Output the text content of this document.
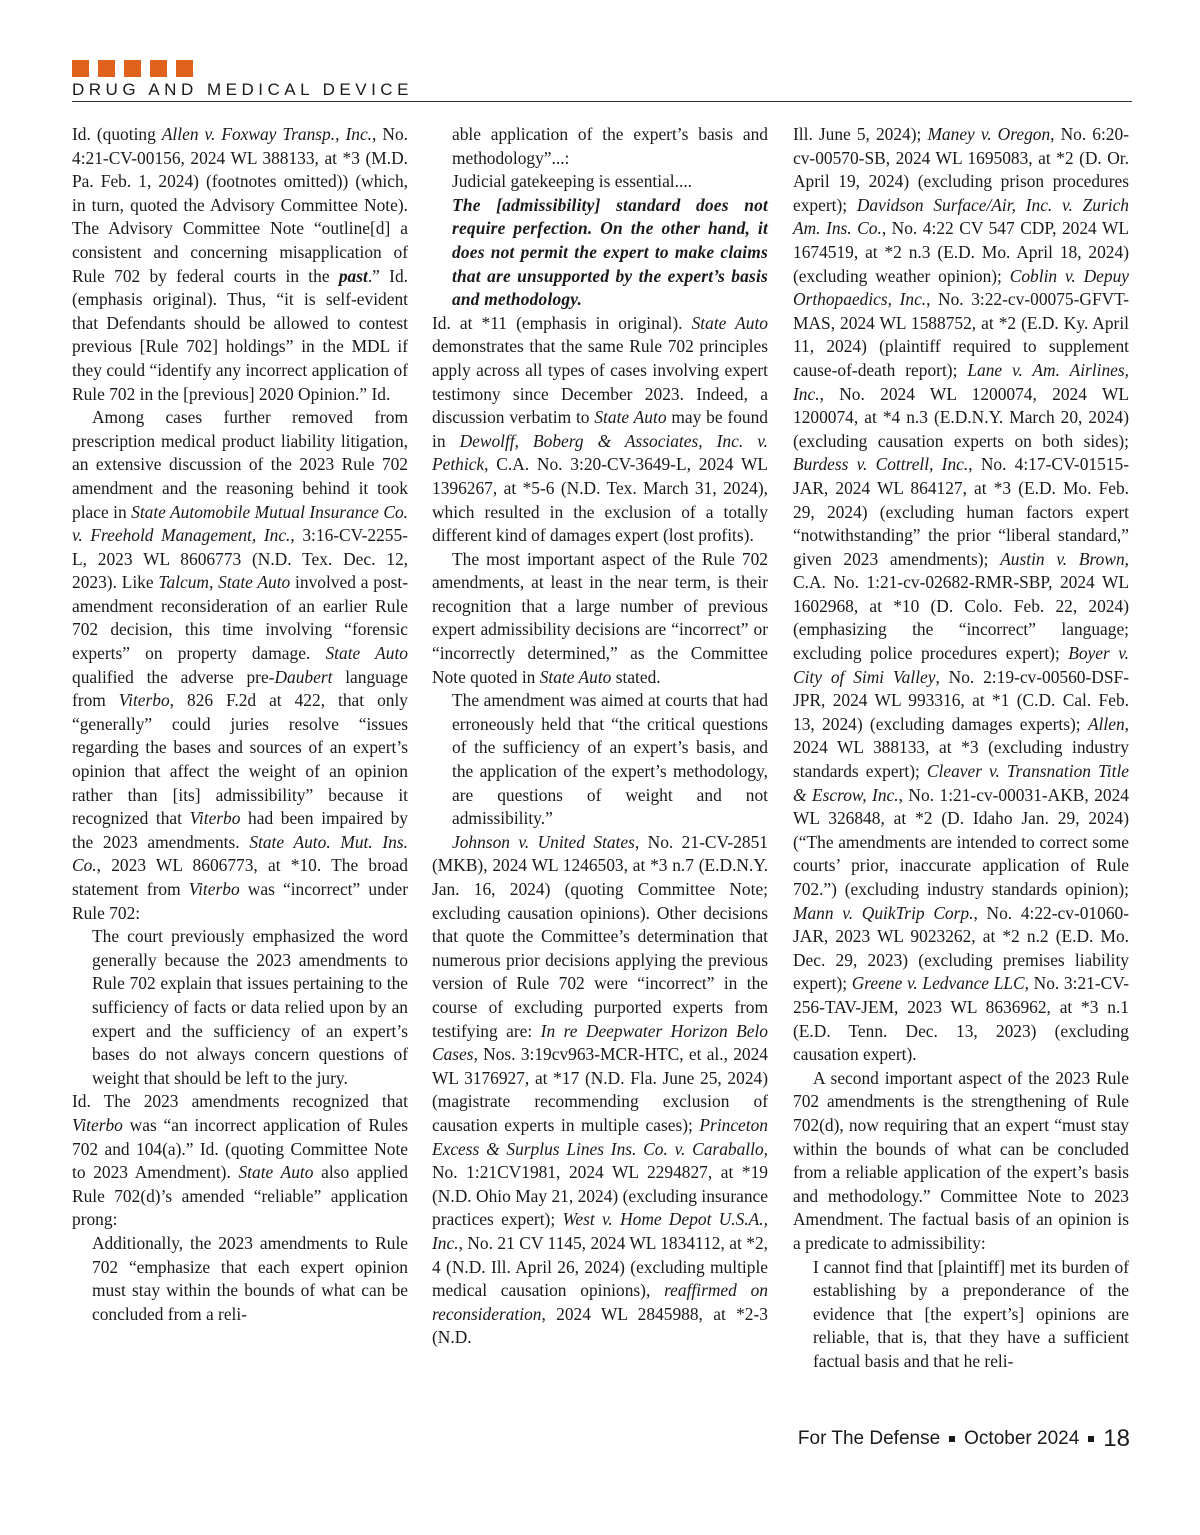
DRUG AND MEDICAL DEVICE

Id. (quoting Allen v. Foxway Transp., Inc., No. 4:21-CV-00156, 2024 WL 388133, at *3 (M.D. Pa. Feb. 1, 2024) (footnotes omitted)) (which, in turn, quoted the Advisory Committee Note). The Advisory Committee Note “outline[d] a consistent and concerning misapplication of Rule 702 by federal courts in the past.” Id. (emphasis original). Thus, “it is self-evident that Defendants should be allowed to contest previous [Rule 702] holdings” in the MDL if they could “identify any incorrect application of Rule 702 in the [previous] 2020 Opinion.” Id.

Among cases further removed from prescription medical product liability litigation, an extensive discussion of the 2023 Rule 702 amendment and the reasoning behind it took place in State Automobile Mutual Insurance Co. v. Freehold Management, Inc., 3:16-CV-2255-L, 2023 WL 8606773 (N.D. Tex. Dec. 12, 2023). Like Talcum, State Auto involved a post-amendment reconsideration of an earlier Rule 702 decision, this time involving “forensic experts” on property damage. State Auto qualified the adverse pre-Daubert language from Viterbo, 826 F.2d at 422, that only “generally” could juries resolve “issues regarding the bases and sources of an expert’s opinion that affect the weight of an opinion rather than [its] admissibility” because it recognized that Viterbo had been impaired by the 2023 amendments. State Auto. Mut. Ins. Co., 2023 WL 8606773, at *10. The broad statement from Viterbo was “incorrect” under Rule 702:

The court previously emphasized the word generally because the 2023 amendments to Rule 702 explain that issues pertaining to the sufficiency of facts or data relied upon by an expert and the sufficiency of an expert’s bases do not always concern questions of weight that should be left to the jury.

Id. The 2023 amendments recognized that Viterbo was “an incorrect application of Rules 702 and 104(a).” Id. (quoting Committee Note to 2023 Amendment). State Auto also applied Rule 702(d)’s amended “reliable” application prong:

Additionally, the 2023 amendments to Rule 702 “emphasize that each expert opinion must stay within the bounds of what can be concluded from a reli-
able application of the expert’s basis and methodology”...:
Judicial gatekeeping is essential....
The [admissibility] standard does not require perfection. On the other hand, it does not permit the expert to make claims that are unsupported by the expert’s basis and methodology.

Id. at *11 (emphasis in original). State Auto demonstrates that the same Rule 702 principles apply across all types of cases involving expert testimony since December 2023. Indeed, a discussion verbatim to State Auto may be found in Dewolff, Boberg & Associates, Inc. v. Pethick, C.A. No. 3:20-CV-3649-L, 2024 WL 1396267, at *5-6 (N.D. Tex. March 31, 2024), which resulted in the exclusion of a totally different kind of damages expert (lost profits).

The most important aspect of the Rule 702 amendments, at least in the near term, is their recognition that a large number of previous expert admissibility decisions are “incorrect” or “incorrectly determined,” as the Committee Note quoted in State Auto stated.

The amendment was aimed at courts that had erroneously held that “the critical questions of the sufficiency of an expert’s basis, and the application of the expert’s methodology, are questions of weight and not admissibility.”

Johnson v. United States, No. 21-CV-2851 (MKB), 2024 WL 1246503, at *3 n.7 (E.D.N.Y. Jan. 16, 2024) (quoting Committee Note; excluding causation opinions). Other decisions that quote the Committee’s determination that numerous prior decisions applying the previous version of Rule 702 were “incorrect” in the course of excluding purported experts from testifying are: In re Deepwater Horizon Belo Cases, Nos. 3:19cv963-MCR-HTC, et al., 2024 WL 3176927, at *17 (N.D. Fla. June 25, 2024) (magistrate recommending exclusion of causation experts in multiple cases); Princeton Excess & Surplus Lines Ins. Co. v. Caraballo, No. 1:21CV1981, 2024 WL 2294827, at *19 (N.D. Ohio May 21, 2024) (excluding insurance practices expert); West v. Home Depot U.S.A., Inc., No. 21 CV 1145, 2024 WL 1834112, at *2, 4 (N.D. Ill. April 26, 2024) (excluding multiple medical causation opinions), reaffirmed on reconsideration, 2024 WL 2845988, at *2-3 (N.D.

Ill. June 5, 2024); Maney v. Oregon, No. 6:20-cv-00570-SB, 2024 WL 1695083, at *2 (D. Or. April 19, 2024) (excluding prison procedures expert); Davidson Surface/Air, Inc. v. Zurich Am. Ins. Co., No. 4:22 CV 547 CDP, 2024 WL 1674519, at *2 n.3 (E.D. Mo. April 18, 2024) (excluding weather opinion); Coblin v. Depuy Orthopaedics, Inc., No. 3:22-cv-00075-GFVT-MAS, 2024 WL 1588752, at *2 (E.D. Ky. April 11, 2024) (plaintiff required to supplement cause-of-death report); Lane v. Am. Airlines, Inc., No. 2024 WL 1200074, 2024 WL 1200074, at *4 n.3 (E.D.N.Y. March 20, 2024) (excluding causation experts on both sides); Burdess v. Cottrell, Inc., No. 4:17-CV-01515-JAR, 2024 WL 864127, at *3 (E.D. Mo. Feb. 29, 2024) (excluding human factors expert “notwithstanding” the prior “liberal standard,” given 2023 amendments); Austin v. Brown, C.A. No. 1:21-cv-02682-RMR-SBP, 2024 WL 1602968, at *10 (D. Colo. Feb. 22, 2024) (emphasizing the “incorrect” language; excluding police procedures expert); Boyer v. City of Simi Valley, No. 2:19-cv-00560-DSF-JPR, 2024 WL 993316, at *1 (C.D. Cal. Feb. 13, 2024) (excluding damages experts); Allen, 2024 WL 388133, at *3 (excluding industry standards expert); Cleaver v. Transnation Title & Escrow, Inc., No. 1:21-cv-00031-AKB, 2024 WL 326848, at *2 (D. Idaho Jan. 29, 2024) (“The amendments are intended to correct some courts’ prior, inaccurate application of Rule 702.”) (excluding industry standards opinion); Mann v. QuikTrip Corp., No. 4:22-cv-01060-JAR, 2023 WL 9023262, at *2 n.2 (E.D. Mo. Dec. 29, 2023) (excluding premises liability expert); Greene v. Ledvance LLC, No. 3:21-CV-256-TAV-JEM, 2023 WL 8636962, at *3 n.1 (E.D. Tenn. Dec. 13, 2023) (excluding causation expert).

A second important aspect of the 2023 Rule 702 amendments is the strengthening of Rule 702(d), now requiring that an expert “must stay within the bounds of what can be concluded from a reliable application of the expert’s basis and methodology.” Committee Note to 2023 Amendment. The factual basis of an opinion is a predicate to admissibility:

I cannot find that [plaintiff] met its burden of establishing by a preponderance of the evidence that [the expert’s] opinions are reliable, that is, that they have a sufficient factual basis and that he reli-
For The Defense October 2024 18
